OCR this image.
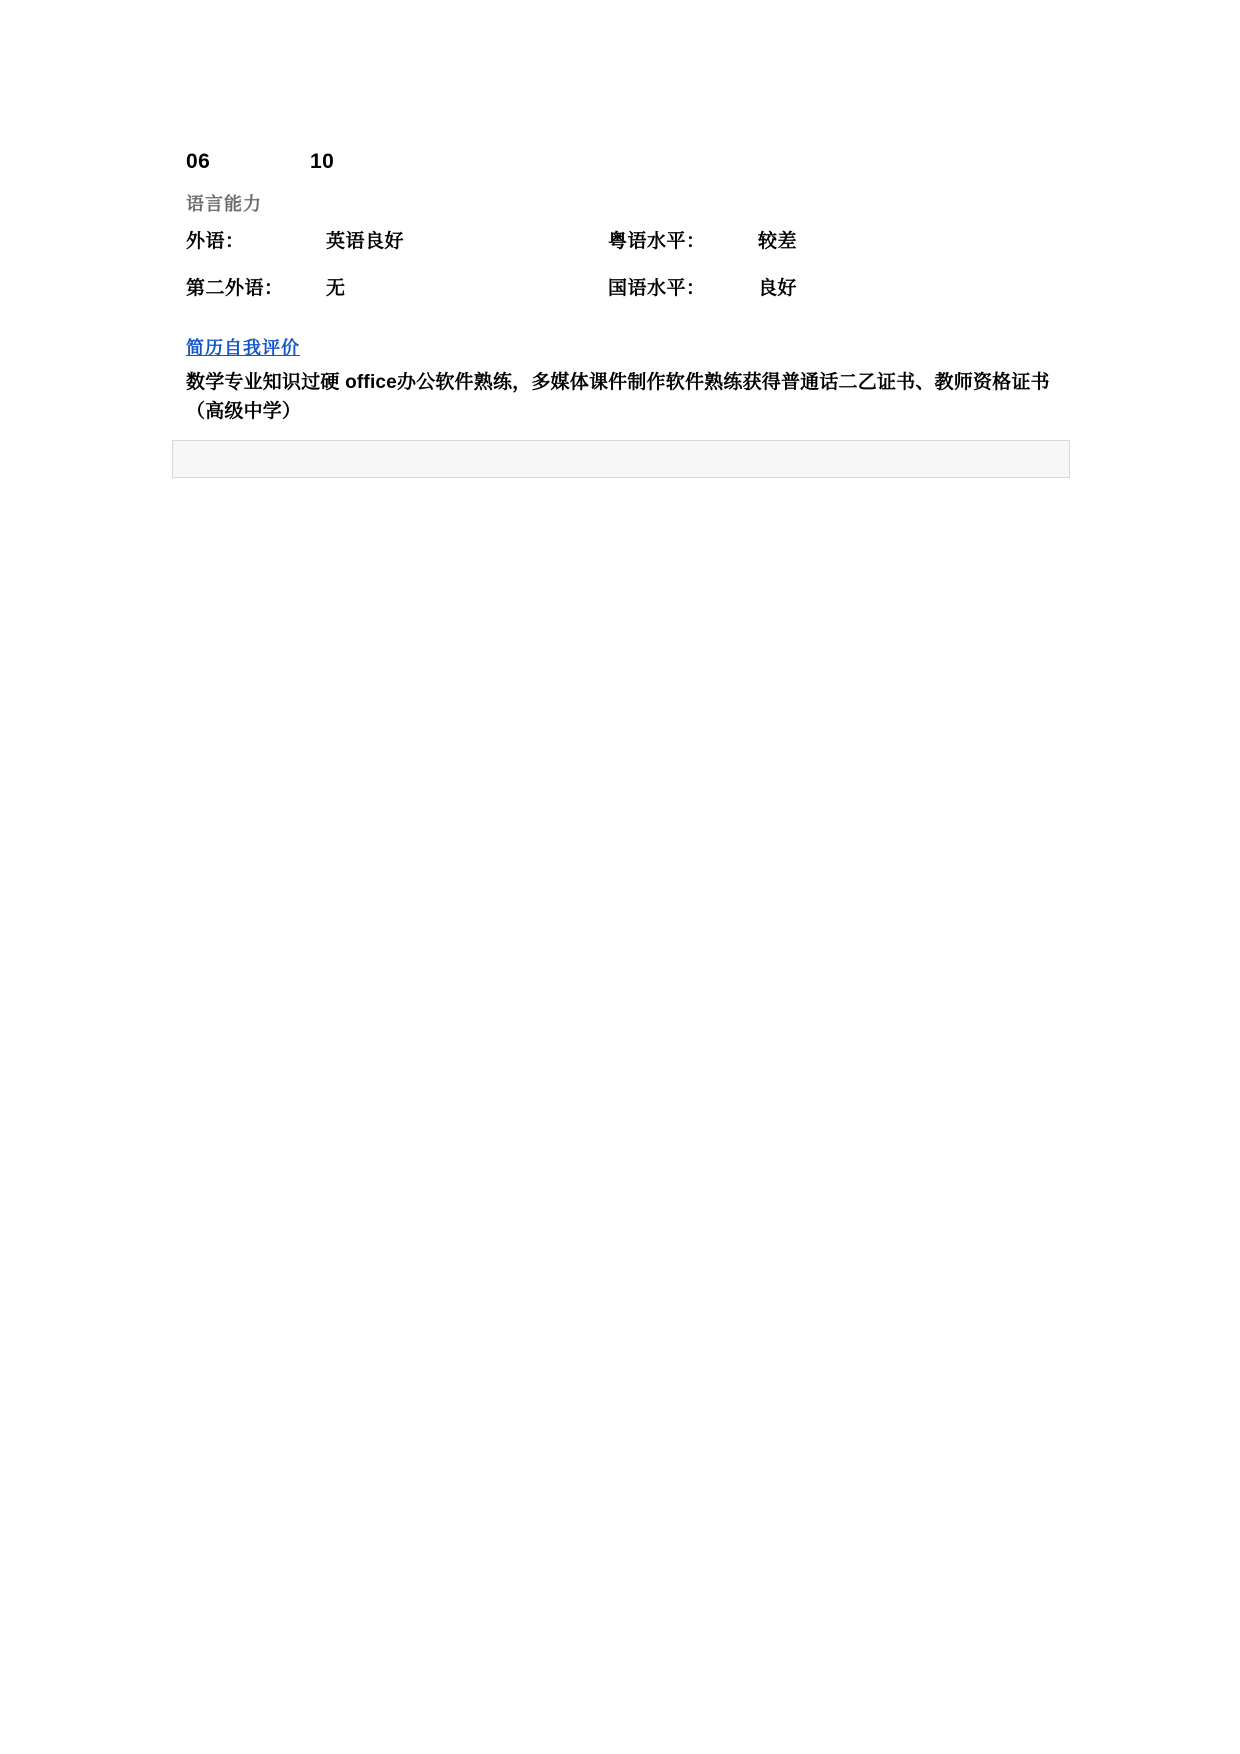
06	10
语言能力
外语：	英语良好	粤语水平：	较差
第二外语：	无	国语水平：	良好
简历自我评价
数学专业知识过硬 office办公软件熟练，多媒体课件制作软件熟练获得普通话二乙证书、教师资格证书（高级中学）
